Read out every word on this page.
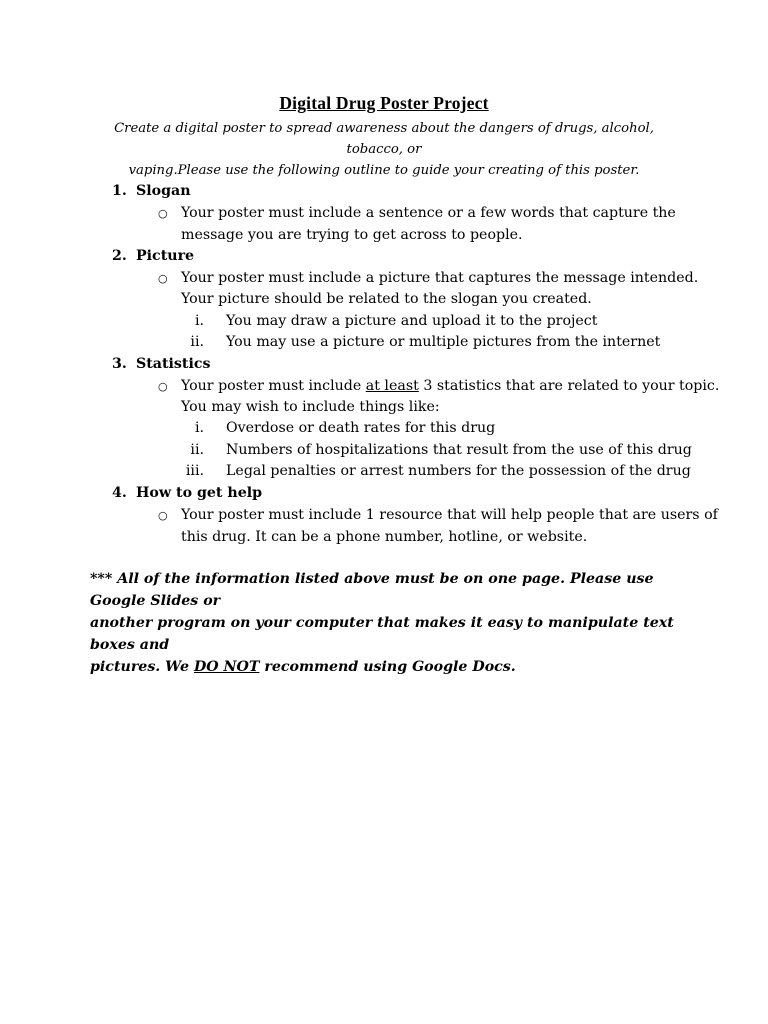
Digital Drug Poster Project
Create a digital poster to spread awareness about the dangers of drugs, alcohol, tobacco, or
vaping.Please use the following outline to guide your creating of this poster.
1. Slogan
○ Your poster must include a sentence or a few words that capture the
message you are trying to get across to people.
2. Picture
○ Your poster must include a picture that captures the message intended.
Your picture should be related to the slogan you created.
i. You may draw a picture and upload it to the project
ii. You may use a picture or multiple pictures from the internet
3. Statistics
○ Your poster must include at least 3 statistics that are related to your topic.
You may wish to include things like:
i. Overdose or death rates for this drug
ii. Numbers of hospitalizations that result from the use of this drug
iii. Legal penalties or arrest numbers for the possession of the drug
4. How to get help
○ Your poster must include 1 resource that will help people that are users of
this drug. It can be a phone number, hotline, or website.
*** All of the information listed above must be on one page. Please use Google Slides or
another program on your computer that makes it easy to manipulate text boxes and
pictures. We DO NOT recommend using Google Docs.
